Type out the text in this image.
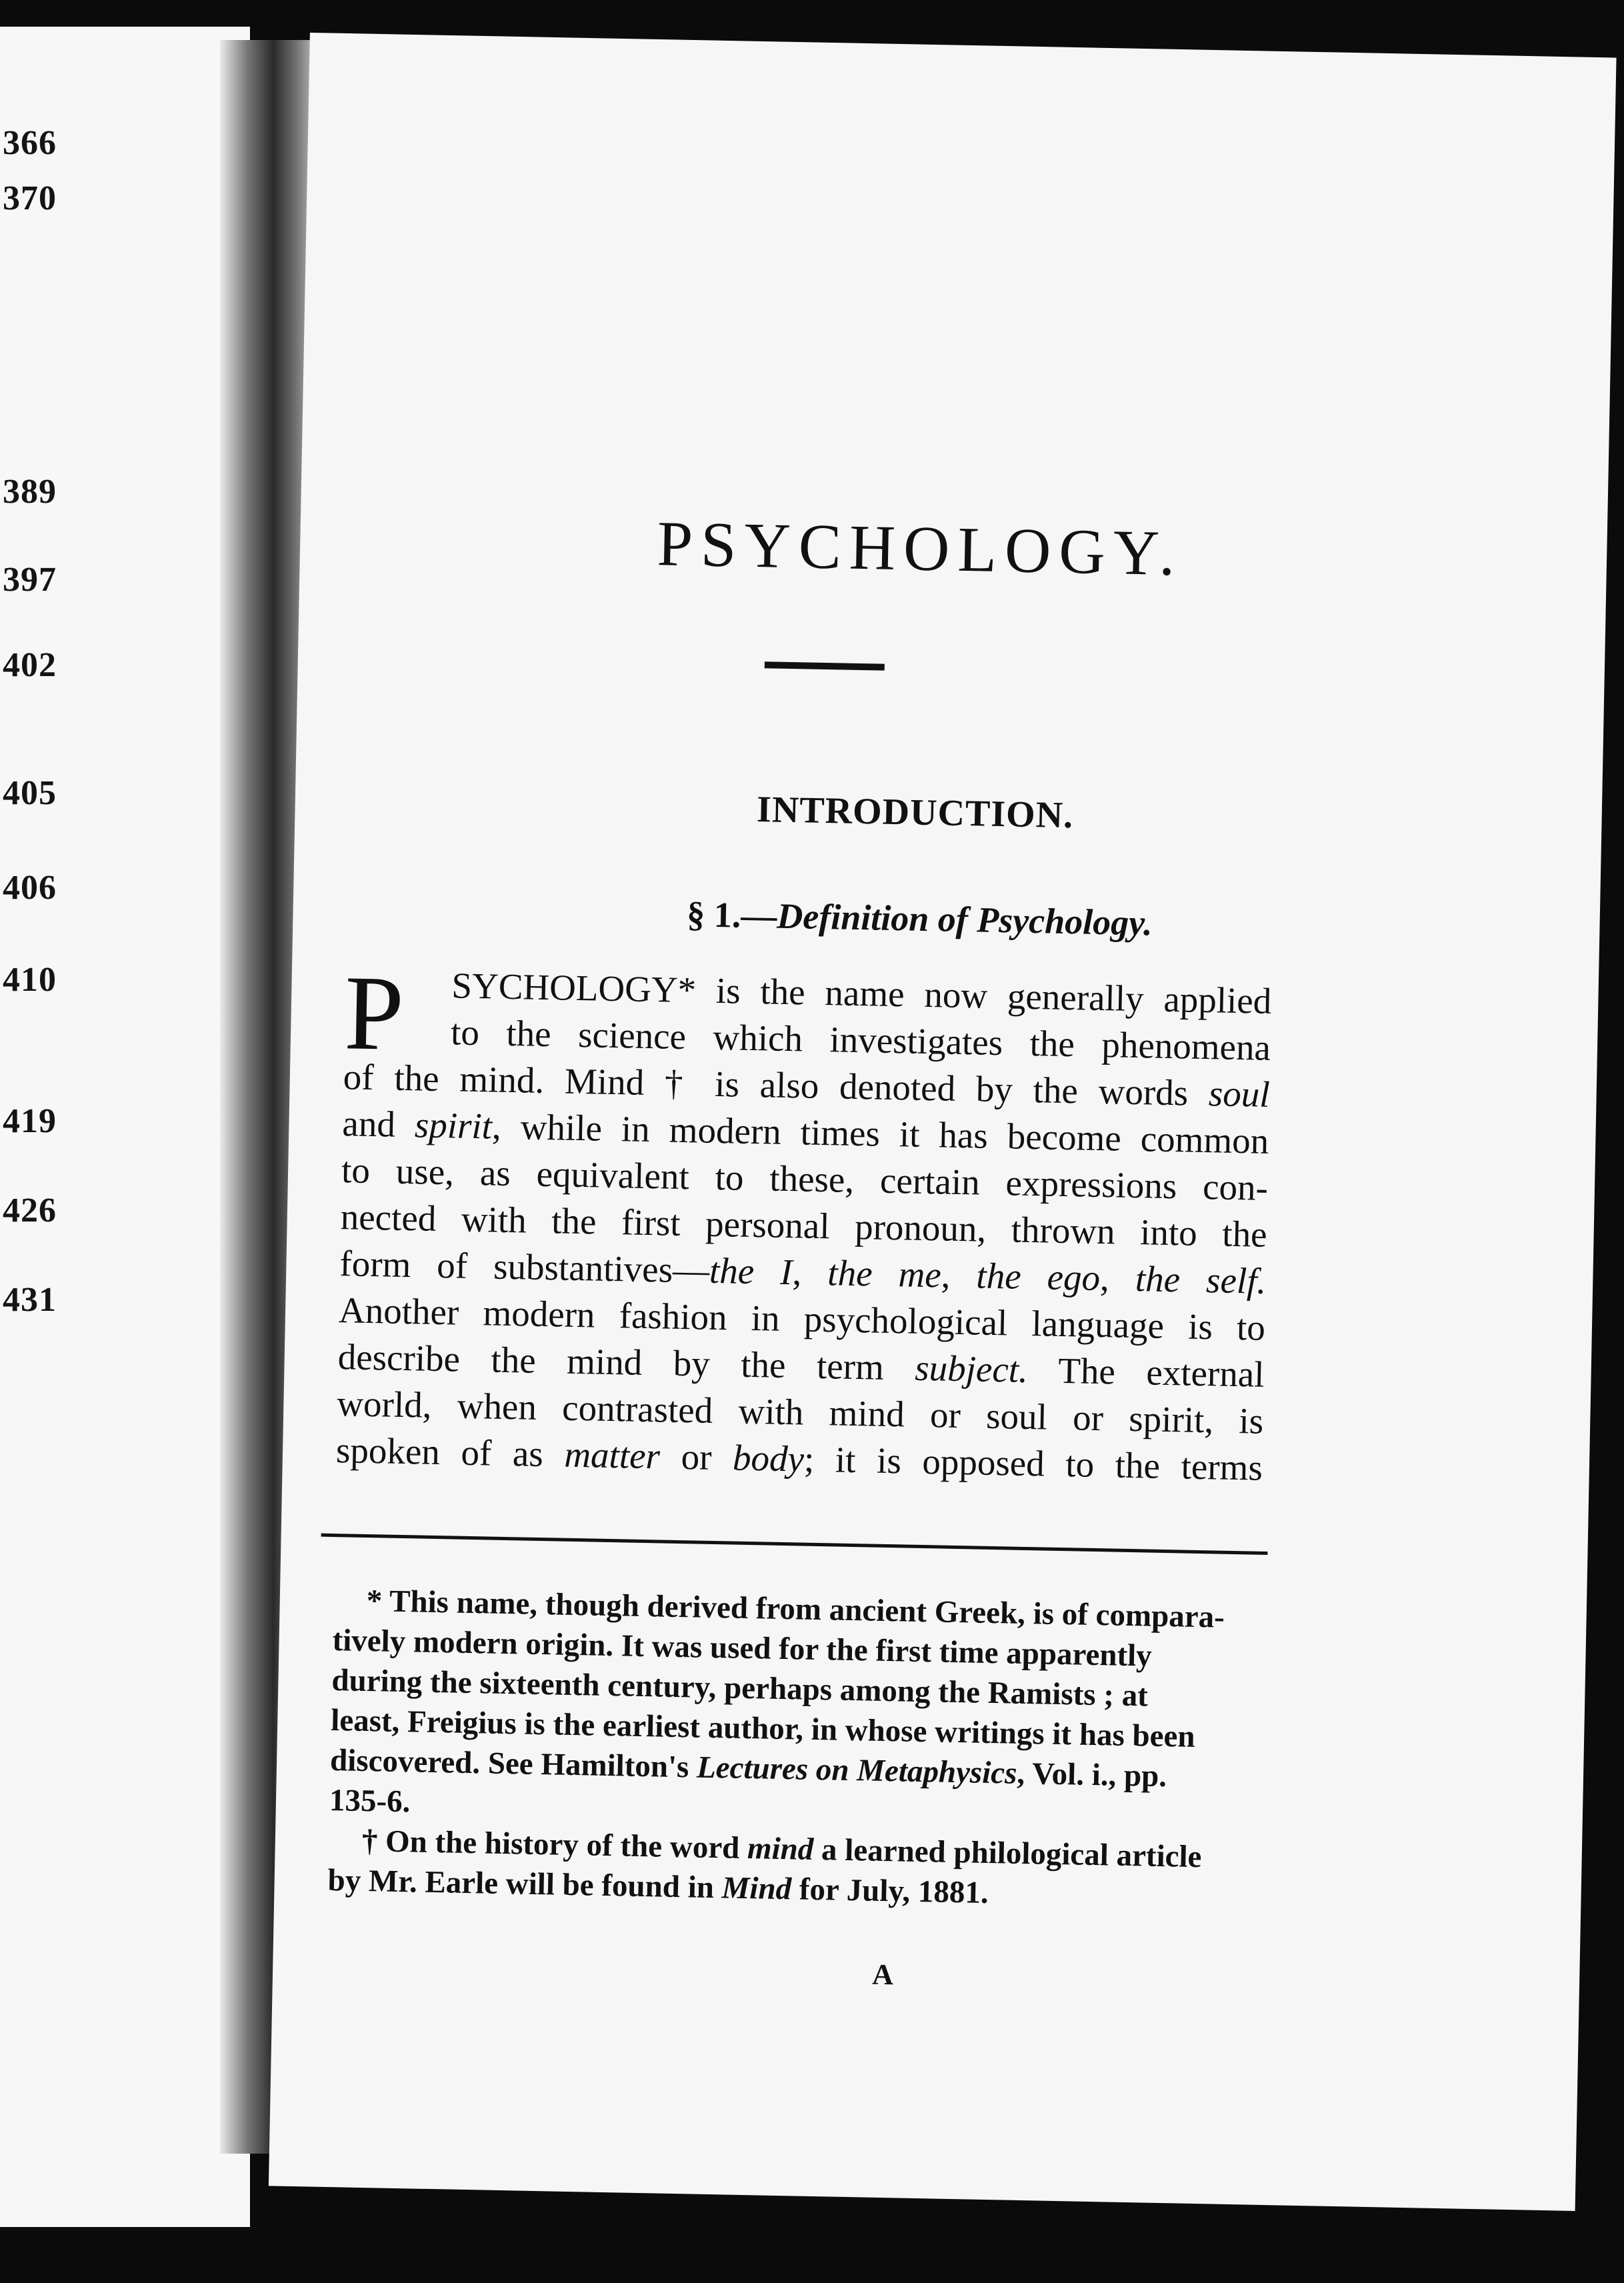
366
370
389
397
402
405
406
410
419
426
431
PSYCHOLOGY.
INTRODUCTION.
§ 1.—Definition of Psychology.
P	SYCHOLOGY* is the name now generally applied
to the science which investigates the phenomena
of the mind. Mind † is also denoted by the words soul
and spirit, while in modern times it has become common
to use, as equivalent to these, certain expressions con-
nected with the first personal pronoun, thrown into the
form of substantives—the I, the me, the ego, the self.
Another modern fashion in psychological language is to
describe the mind by the term subject. The external
world, when contrasted with mind or soul or spirit, is
spoken of as matter or body; it is opposed to the terms
* This name, though derived from ancient Greek, is of compara-
tively modern origin. It was used for the first time apparently
during the sixteenth century, perhaps among the Ramists ; at
least, Freigius is the earliest author, in whose writings it has been
discovered. See Hamilton's Lectures on Metaphysics, Vol. i., pp.
135-6.
† On the history of the word mind a learned philological article
by Mr. Earle will be found in Mind for July, 1881.
A
